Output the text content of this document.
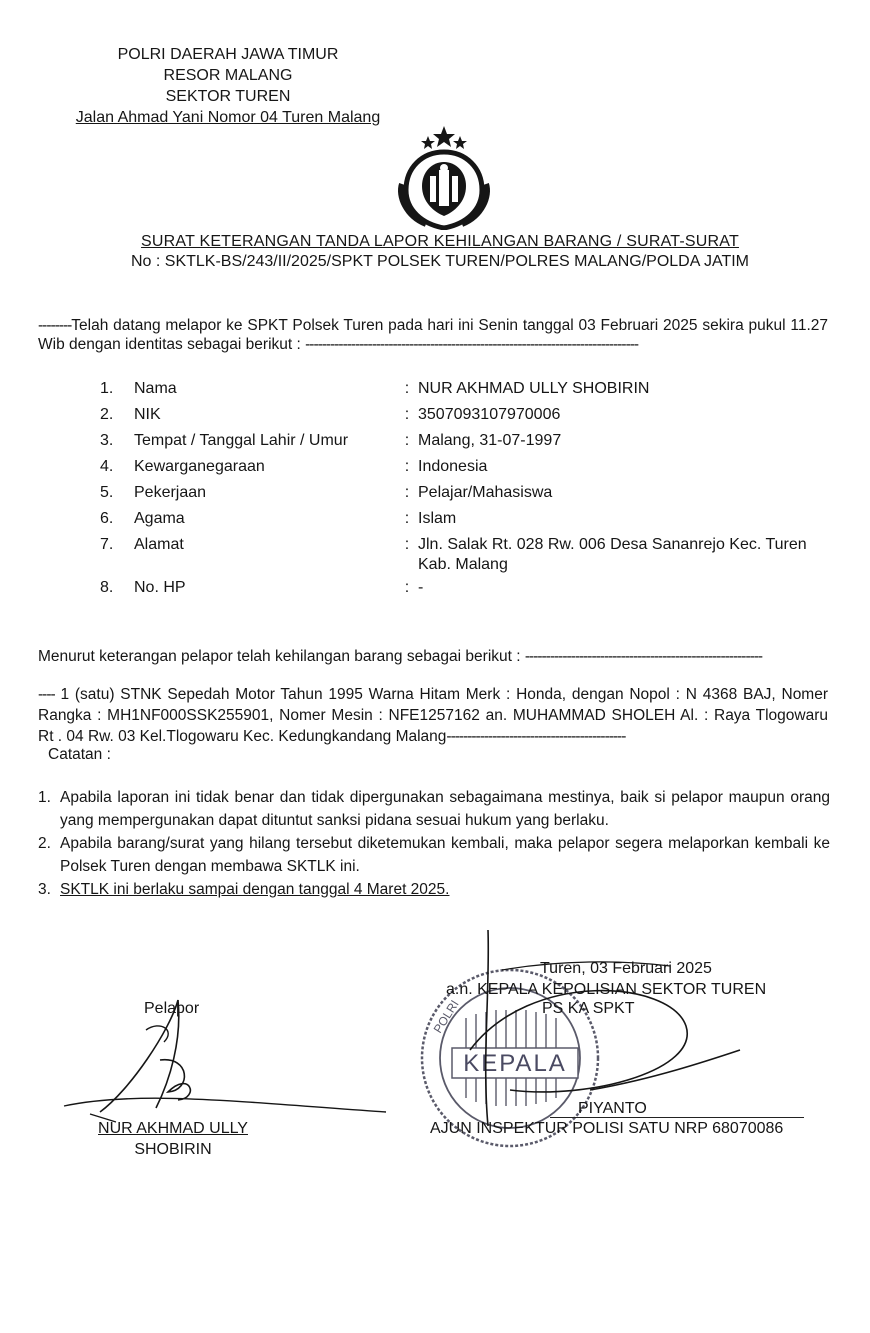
POLRI DAERAH JAWA TIMUR
RESOR MALANG
SEKTOR TUREN
Jalan Ahmad Yani Nomor 04 Turen Malang
SURAT KETERANGAN TANDA LAPOR KEHILANGAN BARANG / SURAT-SURAT
No : SKTLK-BS/243/II/2025/SPKT POLSEK TUREN/POLRES MALANG/POLDA JATIM
--------Telah datang melapor ke SPKT Polsek Turen pada hari ini Senin tanggal 03 Februari 2025 sekira pukul 11.27 Wib dengan identitas sebagai berikut : --------------------------------------------------------------------------------
1.	Nama	: NUR AKHMAD ULLY SHOBIRIN
2.	NIK	: 3507093107970006
3.	Tempat / Tanggal Lahir / Umur	: Malang, 31-07-1997
4.	Kewarganegaraan	: Indonesia
5.	Pekerjaan	: Pelajar/Mahasiswa
6.	Agama	: Islam
7.	Alamat	: Jln. Salak Rt. 028 Rw. 006 Desa Sananrejo Kec. Turen Kab. Malang
8.	No. HP	: -
Menurut keterangan pelapor telah kehilangan barang sebagai berikut : ---------------------------------------------------------
---- 1 (satu) STNK Sepedah Motor Tahun 1995 Warna Hitam Merk : Honda, dengan Nopol : N 4368 BAJ, Nomer Rangka : MH1NF000SSK255901, Nomer Mesin : NFE1257162 an. MUHAMMAD SHOLEH Al. : Raya Tlogowaru Rt . 04 Rw. 03 Kel.Tlogowaru Kec. Kedungkandang Malang-------------------------------------------
Catatan :
1. Apabila laporan ini tidak benar dan tidak dipergunakan sebagaimana mestinya, baik si pelapor maupun orang yang mempergunakan dapat dituntut sanksi pidana sesuai hukum yang berlaku.
2. Apabila barang/surat yang hilang tersebut diketemukan kembali, maka pelapor segera melaporkan kembali ke Polsek Turen dengan membawa SKTLK ini.
3. SKTLK ini berlaku sampai dengan tanggal 4 Maret 2025.
Pelapor
NUR AKHMAD ULLY
SHOBIRIN
KEPALA
POLRI
Turen, 03 Februari 2025
a.n. KEPALA KEPOLISIAN SEKTOR TUREN
PS KA SPKT
PIYANTO
AJUN INSPEKTUR POLISI SATU NRP 68070086
